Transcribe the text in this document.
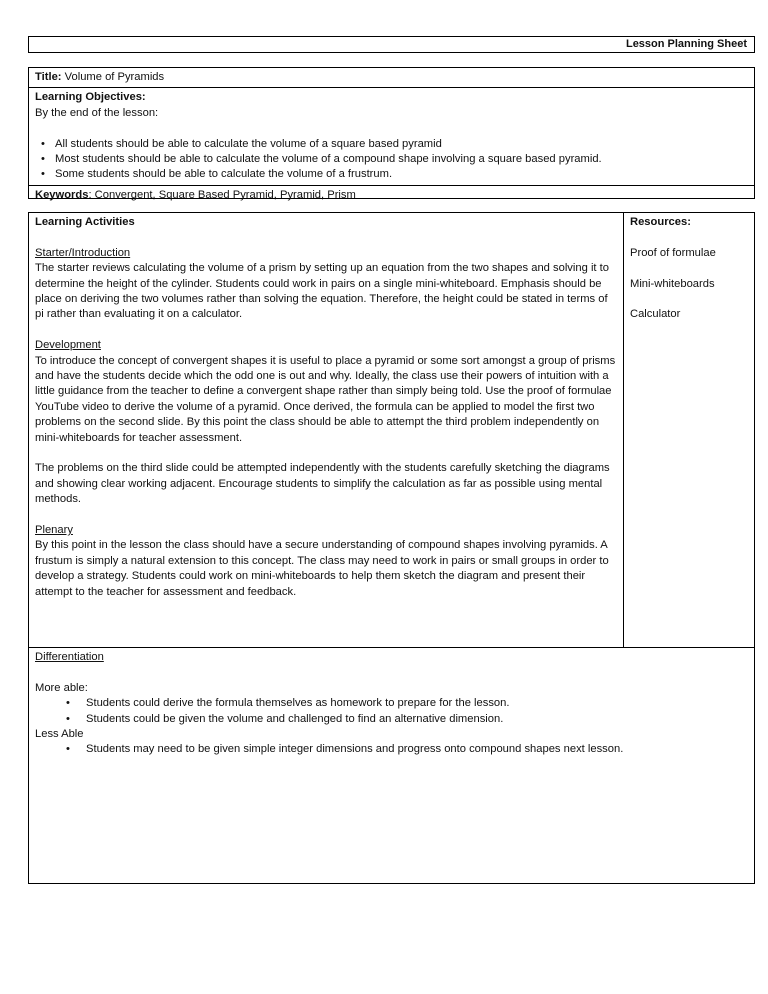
Lesson Planning Sheet
Title: Volume of Pyramids
Learning Objectives:
By the end of the lesson:
• All students should be able to calculate the volume of a square based pyramid
• Most students should be able to calculate the volume of a compound shape involving a square based pyramid.
• Some students should be able to calculate the volume of a frustrum.
Keywords: Convergent, Square Based Pyramid, Pyramid, Prism
Learning Activities
Starter/Introduction
The starter reviews calculating the volume of a prism by setting up an equation from the two shapes and solving it to determine the height of the cylinder. Students could work in pairs on a single mini-whiteboard. Emphasis should be place on deriving the two volumes rather than solving the equation. Therefore, the height could be stated in terms of pi rather than evaluating it on a calculator.
Development
To introduce the concept of convergent shapes it is useful to place a pyramid or some sort amongst a group of prisms and have the students decide which the odd one is out and why. Ideally, the class use their powers of intuition with a little guidance from the teacher to define a convergent shape rather than simply being told. Use the proof of formulae YouTube video to derive the volume of a pyramid. Once derived, the formula can be applied to model the first two problems on the second slide. By this point the class should be able to attempt the third problem independently on mini-whiteboards for teacher assessment.
The problems on the third slide could be attempted independently with the students carefully sketching the diagrams and showing clear working adjacent. Encourage students to simplify the calculation as far as possible using mental methods.
Plenary
By this point in the lesson the class should have a secure understanding of compound shapes involving pyramids. A frustum is simply a natural extension to this concept. The class may need to work in pairs or small groups in order to develop a strategy. Students could work on mini-whiteboards to help them sketch the diagram and present their attempt to the teacher for assessment and feedback.

Resources:

Proof of formulae

Mini-whiteboards

Calculator

Differentiation
More able:
• Students could derive the formula themselves as homework to prepare for the lesson.
• Students could be given the volume and challenged to find an alternative dimension.
Less Able
• Students may need to be given simple integer dimensions and progress onto compound shapes next lesson.
